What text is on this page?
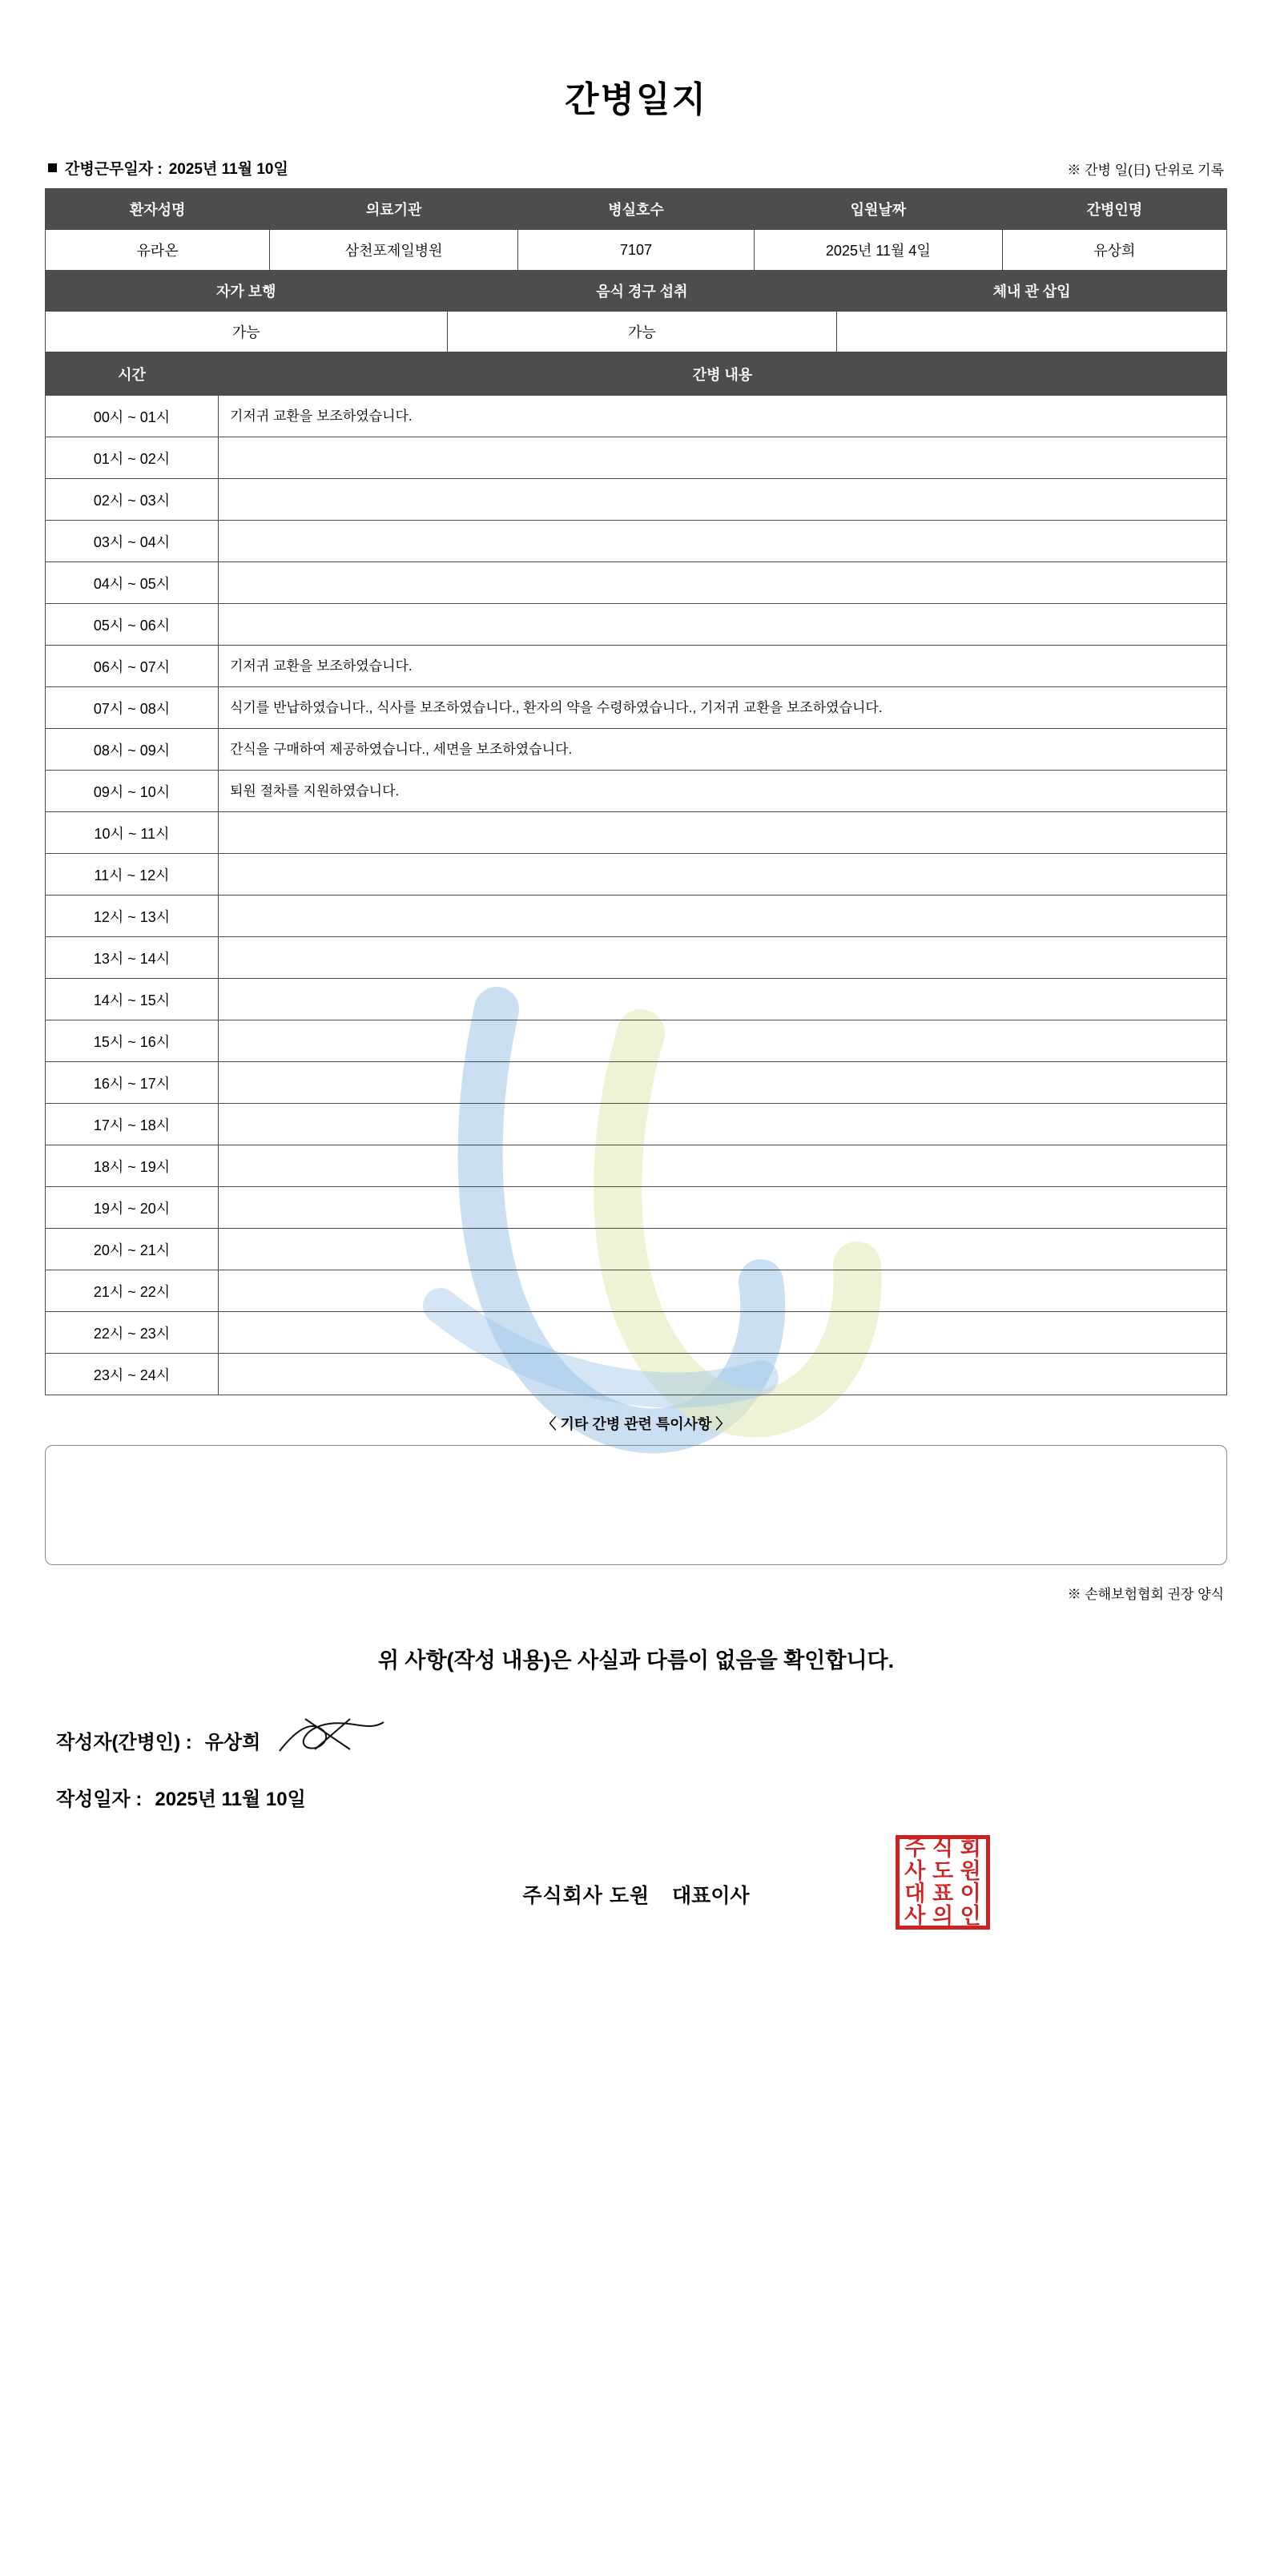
간병일지
간병근무일자 : 2025년 11월 10일	※ 간병 일(日) 단위로 기록
환자성명	의료기관	병실호수	입원날짜	간병인명
유라온	삼천포제일병원	7107	2025년 11월 4일	유상희
자가 보행	음식 경구 섭취	체내 관 삽입
가능	가능	
시간	간병 내용
00시 ~ 01시	기저귀 교환을 보조하였습니다.
01시 ~ 02시	
02시 ~ 03시	
03시 ~ 04시	
04시 ~ 05시	
05시 ~ 06시	
06시 ~ 07시	기저귀 교환을 보조하였습니다.
07시 ~ 08시	식기를 반납하였습니다., 식사를 보조하였습니다., 환자의 약을 수령하였습니다., 기저귀 교환을 보조하였습니다.
08시 ~ 09시	간식을 구매하여 제공하였습니다., 세면을 보조하였습니다.
09시 ~ 10시	퇴원 절차를 지원하였습니다.
10시 ~ 11시	
11시 ~ 12시	
12시 ~ 13시	
13시 ~ 14시	
14시 ~ 15시	
15시 ~ 16시	
16시 ~ 17시	
17시 ~ 18시	
18시 ~ 19시	
19시 ~ 20시	
20시 ~ 21시	
21시 ~ 22시	
22시 ~ 23시	
23시 ~ 24시	
〈 기타 간병 관련 특이사항 〉
※ 손해보험협회 권장 양식
위 사항(작성 내용)은 사실과 다름이 없음을 확인합니다.
작성자(간병인) : 유상희
작성일자 : 2025년 11월 10일
주식회사 도원 대표이사
주 식 회
사 도 원
대 표 이
사 의 인
